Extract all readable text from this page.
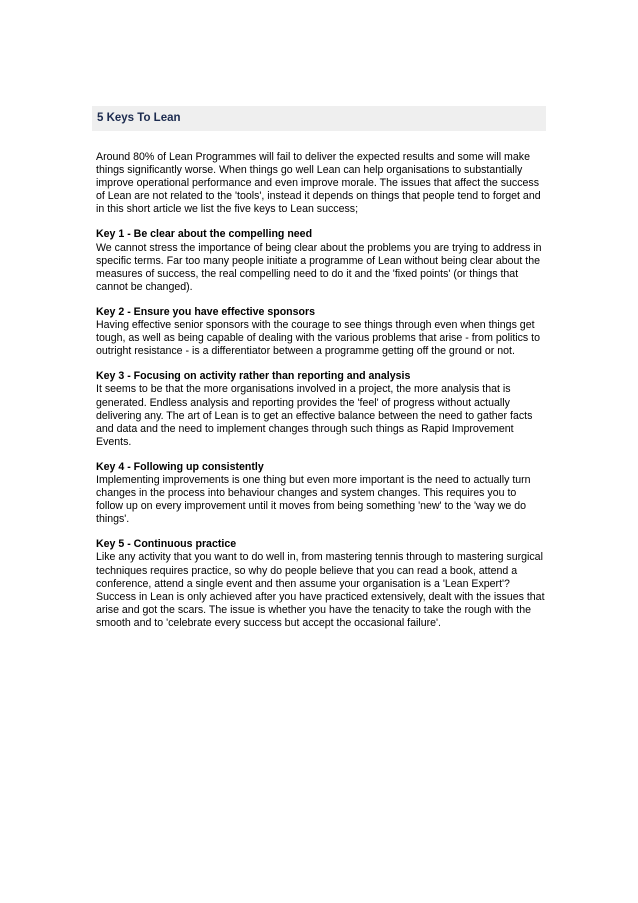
5 Keys To Lean

Around 80% of Lean Programmes will fail to deliver the expected results and some will make things significantly worse. When things go well Lean can help organisations to substantially improve operational performance and even improve morale. The issues that affect the success of Lean are not related to the 'tools', instead it depends on things that people tend to forget and in this short article we list the five keys to Lean success;

Key 1 - Be clear about the compelling need

We cannot stress the importance of being clear about the problems you are trying to address in specific terms. Far too many people initiate a programme of Lean without being clear about the measures of success, the real compelling need to do it and the 'fixed points' (or things that cannot be changed).

Key 2 - Ensure you have effective sponsors

Having effective senior sponsors with the courage to see things through even when things get tough, as well as being capable of dealing with the various problems that arise - from politics to outright resistance - is a differentiator between a programme getting off the ground or not.

Key 3 - Focusing on activity rather than reporting and analysis

It seems to be that the more organisations involved in a project, the more analysis that is generated. Endless analysis and reporting provides the 'feel' of progress without actually delivering any. The art of Lean is to get an effective balance between the need to gather facts and data and the need to implement changes through such things as Rapid Improvement Events.

Key 4 - Following up consistently

Implementing improvements is one thing but even more important is the need to actually turn changes in the process into behaviour changes and system changes. This requires you to follow up on every improvement until it moves from being something 'new' to the 'way we do things'.

Key 5 - Continuous practice

Like any activity that you want to do well in, from mastering tennis through to mastering surgical techniques requires practice, so why do people believe that you can read a book, attend a conference, attend a single event and then assume your organisation is a 'Lean Expert'? Success in Lean is only achieved after you have practiced extensively, dealt with the issues that arise and got the scars. The issue is whether you have the tenacity to take the rough with the smooth and to 'celebrate every success but accept the occasional failure'.
